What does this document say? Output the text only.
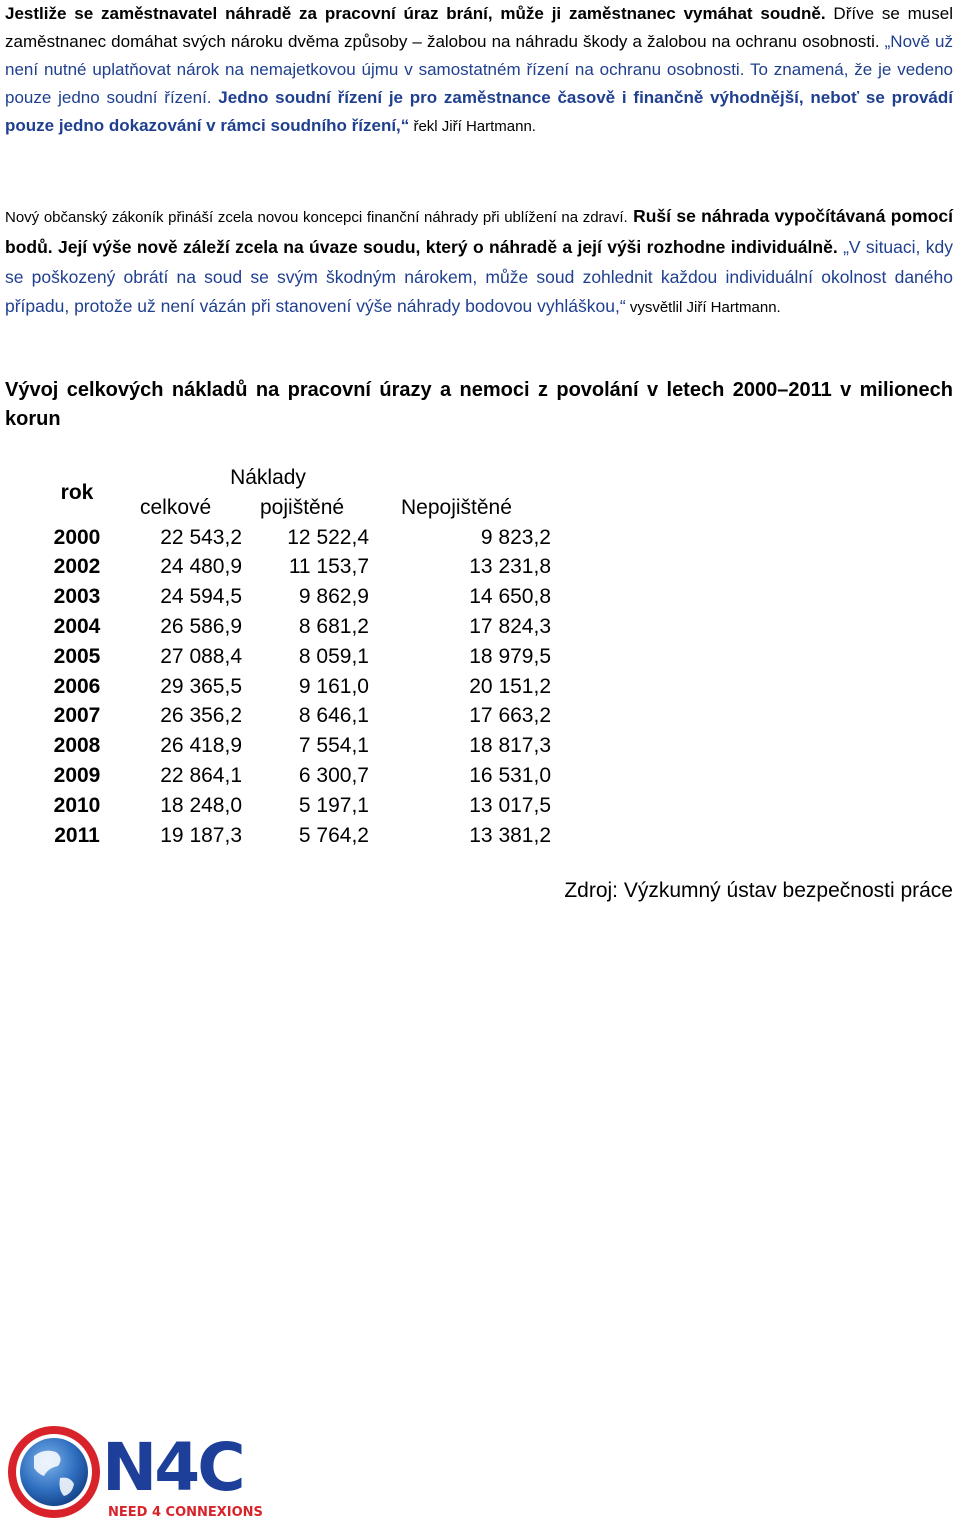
Jestliže se zaměstnavatel náhradě za pracovní úraz brání, může ji zaměstnanec vymáhat soudně. Dříve se musel zaměstnanec domáhat svých nároku dvěma způsoby – žalobou na náhradu škody a žalobou na ochranu osobnosti. „Nově už není nutné uplatňovat nárok na nemajetkovou újmu v samostatném řízení na ochranu osobnosti. To znamená, že je vedeno pouze jedno soudní řízení. Jedno soudní řízení je pro zaměstnance časově i finančně výhodnější, neboť se provádí pouze jedno dokazování v rámci soudního řízení,“ řekl Jiří Hartmann.
Nový občanský zákoník přináší zcela novou koncepci finanční náhrady při ublížení na zdraví. Ruší se náhrada vypočítávaná pomocí bodů. Její výše nově záleží zcela na úvaze soudu, který o náhradě a její výši rozhodne individuálně. „V situaci, kdy se poškozený obrátí na soud se svým škodným nárokem, může soud zohlednit každou individuální okolnost daného případu, protože už není vázán při stanovení výše náhrady bodovou vyhláškou,“ vysvětlil Jiří Hartmann.
Vývoj celkových nákladů na pracovní úrazy a nemoci z povolání v letech 2000–2011 v milionech korun
rok	Náklady		
	celkové	pojištěné	Nepojištěné
2000	22 543,2	12 522,4	9 823,2
2002	24 480,9	11 153,7	13 231,8
2003	24 594,5	9 862,9	14 650,8
2004	26 586,9	8 681,2	17 824,3
2005	27 088,4	8 059,1	18 979,5
2006	29 365,5	9 161,0	20 151,2
2007	26 356,2	8 646,1	17 663,2
2008	26 418,9	7 554,1	18 817,3
2009	22 864,1	6 300,7	16 531,0
2010	18 248,0	5 197,1	13 017,5
2011	19 187,3	5 764,2	13 381,2
Zdroj: Výzkumný ústav bezpečnosti práce
N4C
NEED 4 CONNEXIONS
